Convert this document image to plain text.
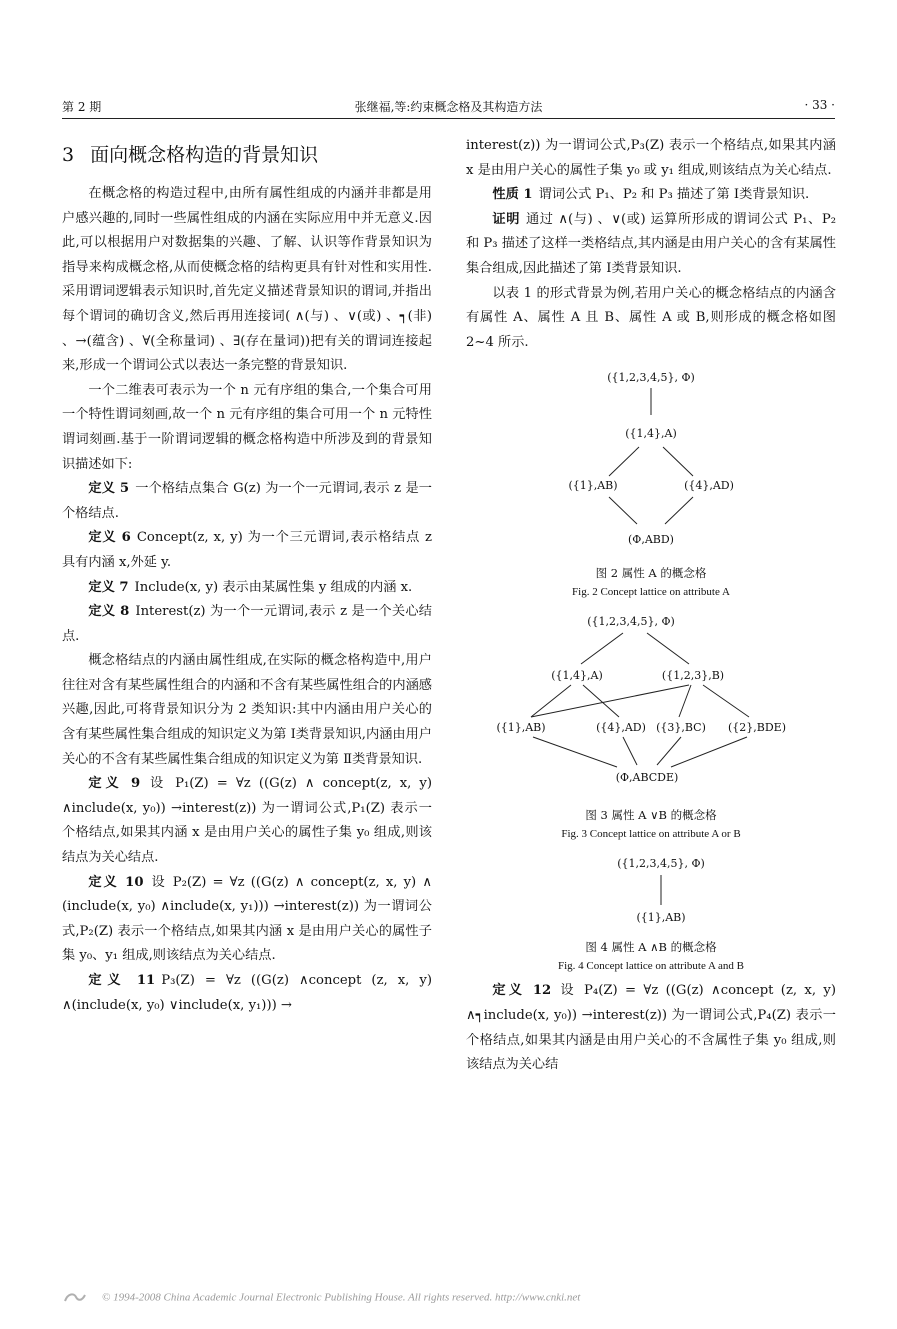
第 2 期	张继福,等:约束概念格及其构造方法	· 33 ·

3 面向概念格构造的背景知识

在概念格的构造过程中,由所有属性组成的内涵并非都是用户感兴趣的,同时一些属性组成的内涵在实际应用中并无意义.因此,可以根据用户对数据集的兴趣、了解、认识等作背景知识为指导来构成概念格,从而使概念格的结构更具有针对性和实用性.采用谓词逻辑表示知识时,首先定义描述背景知识的谓词,并指出每个谓词的确切含义,然后再用连接词( ∧(与) 、∨(或) 、┑(非) 、→(蕴含) 、∀(全称量词) 、∃(存在量词))把有关的谓词连接起来,形成一个谓词公式以表达一条完整的背景知识.

一个二维表可表示为一个 n 元有序组的集合,一个集合可用一个特性谓词刻画,故一个 n 元有序组的集合可用一个 n 元特性谓词刻画.基于一阶谓词逻辑的概念格构造中所涉及到的背景知识描述如下:

定义 5 一个格结点集合 G(z) 为一个一元谓词,表示 z 是一个格结点.

定义 6 Concept(z, x, y) 为一个三元谓词,表示格结点 z 具有内涵 x,外延 y.

定义 7 Include(x, y) 表示由某属性集 y 组成的内涵 x.

定义 8 Interest(z) 为一个一元谓词,表示 z 是一个关心结点.

概念格结点的内涵由属性组成,在实际的概念格构造中,用户往往对含有某些属性组合的内涵和不含有某些属性组合的内涵感兴趣,因此,可将背景知识分为 2 类知识:其中内涵由用户关心的含有某些属性集合组成的知识定义为第 Ⅰ类背景知识,内涵由用户关心的不含有某些属性集合组成的知识定义为第 Ⅱ类背景知识.

定义 9 设 P₁(Z) = ∀z ((G(z) ∧ concept(z, x, y) ∧include(x, y₀)) →interest(z)) 为一谓词公式,P₁(Z) 表示一个格结点,如果其内涵 x 是由用户关心的属性子集 y₀ 组成,则该结点为关心结点.

定义 10 设 P₂(Z) = ∀z ((G(z) ∧ concept(z, x, y) ∧ (include(x, y₀) ∧include(x, y₁))) →interest(z)) 为一谓词公式,P₂(Z) 表示一个格结点,如果其内涵 x 是由用户关心的属性子集 y₀、y₁ 组成,则该结点为关心结点.

定义 11 P₃(Z) = ∀z ((G(z) ∧concept (z, x, y) ∧(include(x, y₀) ∨include(x, y₁))) →

interest(z)) 为一谓词公式,P₃(Z) 表示一个格结点,如果其内涵 x 是由用户关心的属性子集 y₀ 或 y₁ 组成,则该结点为关心结点.

性质 1 谓词公式 P₁、P₂ 和 P₃ 描述了第 Ⅰ类背景知识.

证明 通过 ∧(与) 、∨(或) 运算所形成的谓词公式 P₁、P₂ 和 P₃ 描述了这样一类格结点,其内涵是由用户关心的含有某属性集合组成,因此描述了第 Ⅰ类背景知识.

以表 1 的形式背景为例,若用户关心的概念格结点的内涵含有属性 A、属性 A 且 B、属性 A 或 B,则形成的概念格如图 2~4 所示.

({1,2,3,4,5}, Φ)
({1,4},A)
({1},AB)	({4},AD)
(Φ,ABD)
图 2 属性 A 的概念格
Fig. 2 Concept lattice on attribute A
({1,2,3,4,5}, Φ)
({1,4},A)	({1,2,3},B)
({1},AB)	({4},AD) ({3},BC) ({2},BDE)
(Φ,ABCDE)
图 3 属性 A ∨B 的概念格
Fig. 3 Concept lattice on attribute A or B
({1,2,3,4,5}, Φ)
({1},AB)
图 4 属性 A ∧B 的概念格
Fig. 4 Concept lattice on attribute A and B

定义 12 设 P₄(Z) = ∀z ((G(z) ∧concept (z, x, y) ∧┑include(x, y₀)) →interest(z)) 为一谓词公式,P₄(Z) 表示一个格结点,如果其内涵是由用户关心的不含属性子集 y₀ 组成,则该结点为关心结

© 1994-2008 China Academic Journal Electronic Publishing House. All rights reserved. http://www.cnki.net
